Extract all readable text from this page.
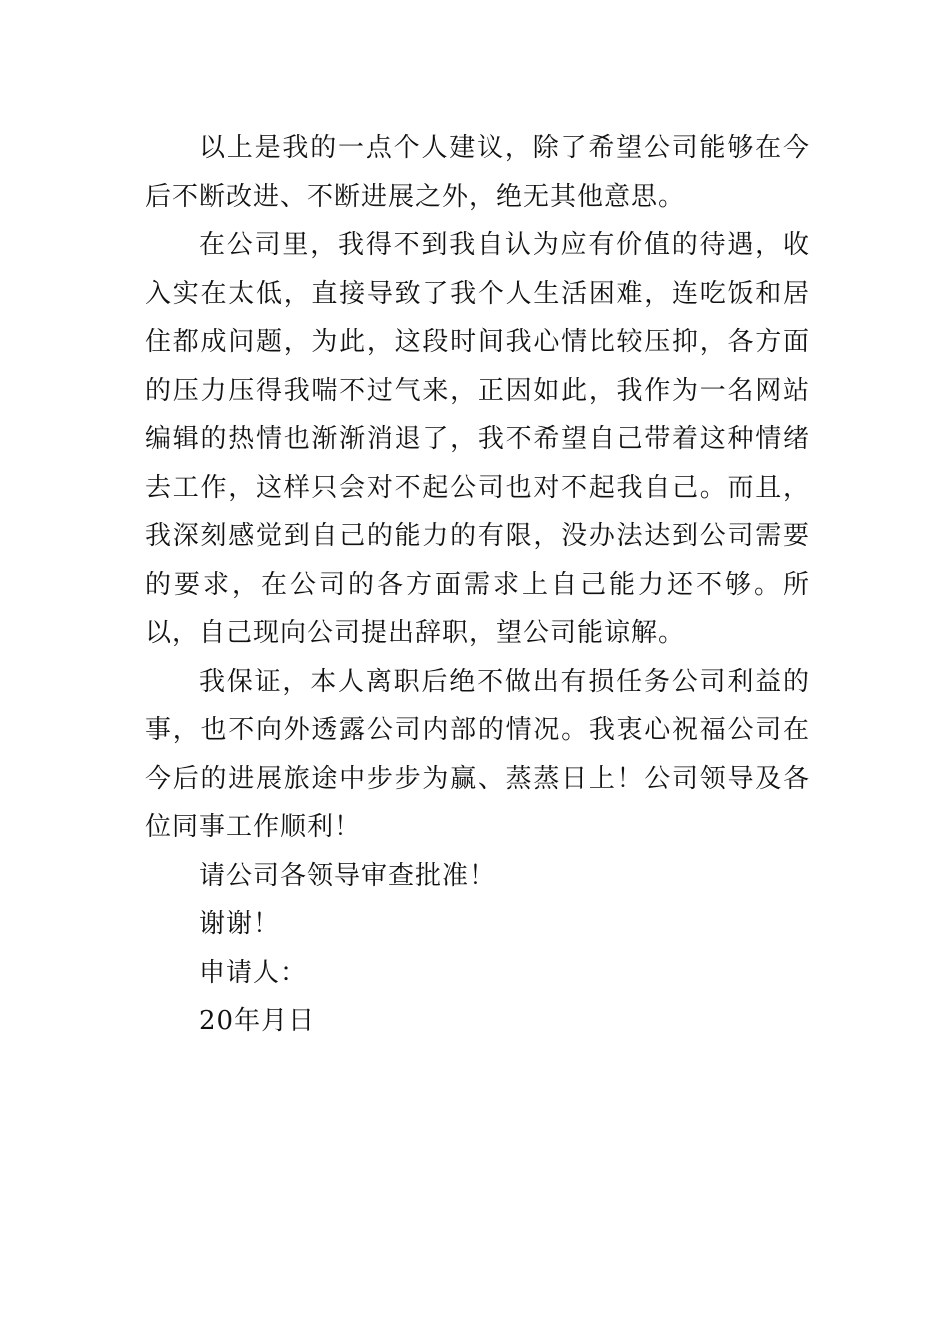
以上是我的一点个人建议，除了希望公司能够在今后不断改进、不断进展之外，绝无其他意思。

在公司里，我得不到我自认为应有价值的待遇，收入实在太低，直接导致了我个人生活困难，连吃饭和居住都成问题，为此，这段时间我心情比较压抑，各方面的压力压得我喘不过气来，正因如此，我作为一名网站编辑的热情也渐渐消退了，我不希望自己带着这种情绪去工作，这样只会对不起公司也对不起我自己。而且，我深刻感觉到自己的能力的有限，没办法达到公司需要的要求，在公司的各方面需求上自己能力还不够。所以，自己现向公司提出辞职，望公司能谅解。

我保证，本人离职后绝不做出有损任务公司利益的事，也不向外透露公司内部的情况。我衷心祝福公司在今后的进展旅途中步步为赢、蒸蒸日上！公司领导及各位同事工作顺利！

请公司各领导审查批准！

谢谢！

申请人：

20年月日
